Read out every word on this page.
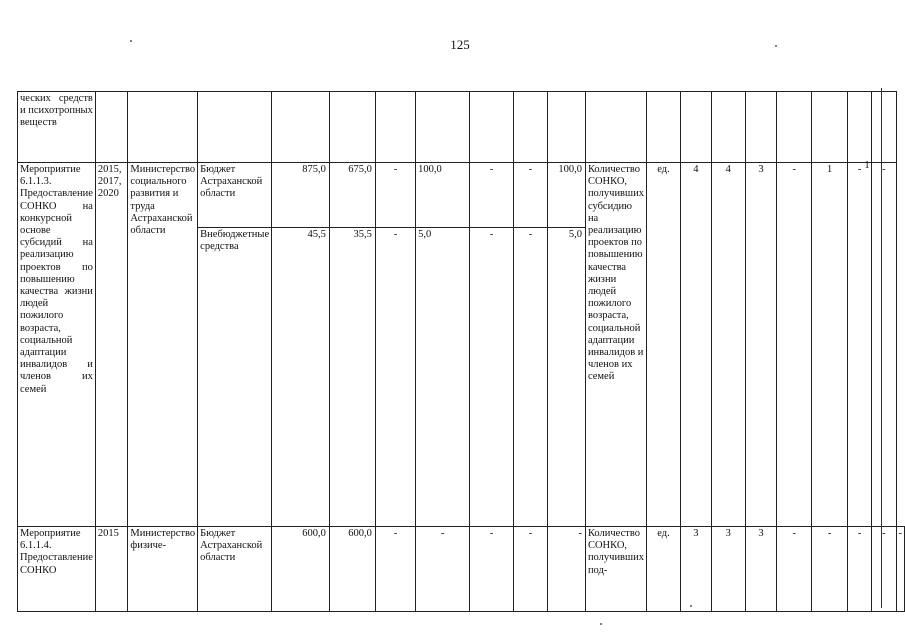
125
ческих средств и психотропных веществ																				
Мероприятие 6.1.1.3. Предоставление СОНКО на конкурсной основе субсидий на реализацию проектов по повышению качества жизни людей пожилого возраста, социальной адаптации инвалидов и членов их семей	2015, 2017, 2020	Министерство социального развития и труда Астраханской области	Бюджет Астраханской области	875,0	675,0	-	100,0	-	-	100,0	Количество СОНКО, получивших субсидию на реализацию проектов по повышению качества жизни людей пожилого возраста, социальной адаптации инвалидов и членов их семей	ед.	4	4	3	-	1	-	-	
			Внебюджетные средства	45,5	35,5	-	5,0	-	-	5,0										
Мероприятие 6.1.1.4. Предоставление СОНКО	2015	Министерство физиче-	Бюджет Астраханской области	600,0	600,0	-	-	-	-	-	Количество СОНКО, получивших под-	ед.	3	3	3	-	-	-	-	-
1
